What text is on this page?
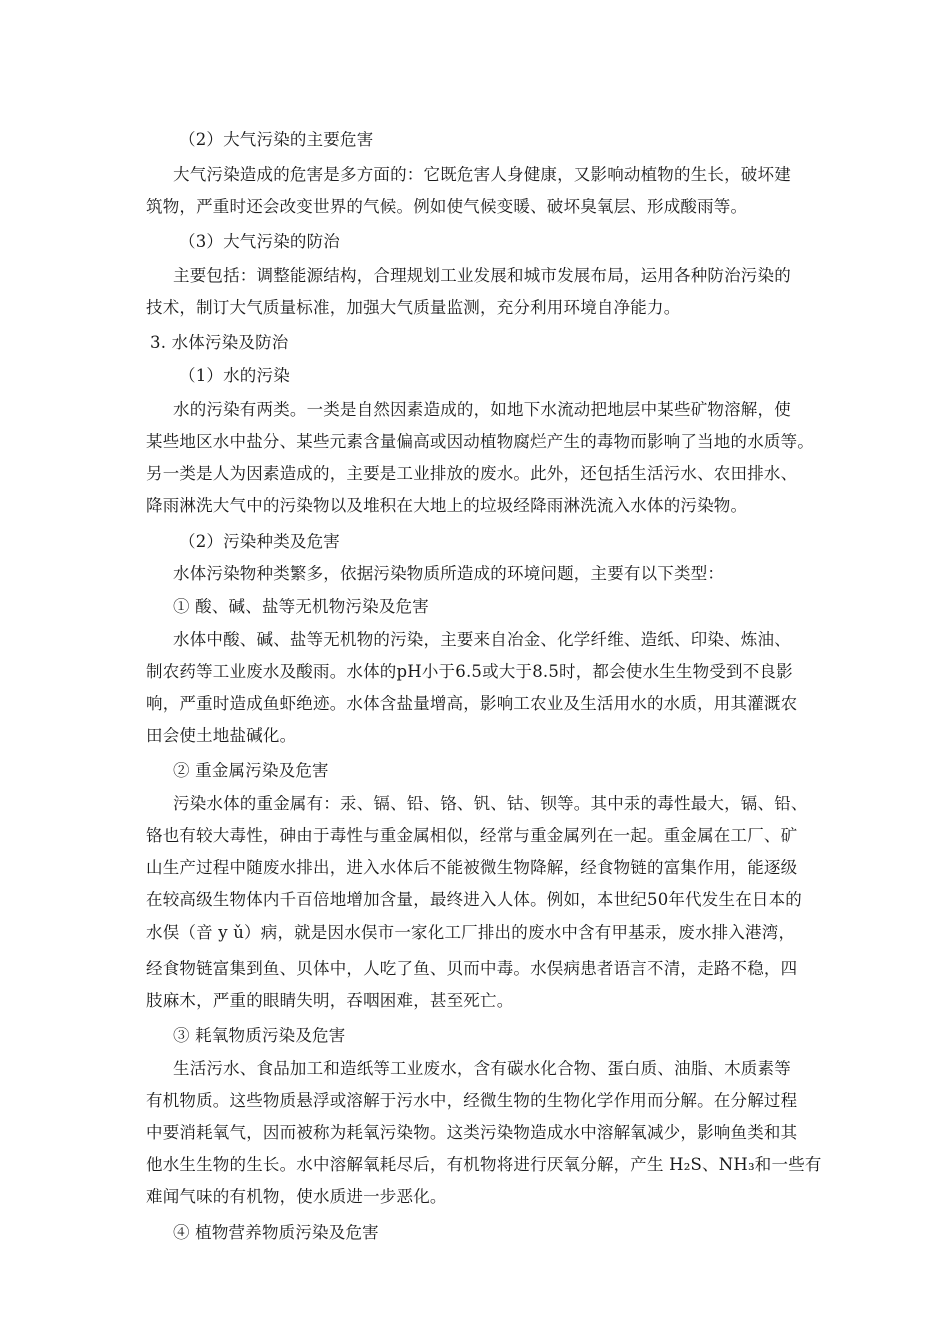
（2）大气污染的主要危害
大气污染造成的危害是多方面的：它既危害人身健康，又影响动植物的生长，破坏建
筑物，严重时还会改变世界的气候。例如使气候变暖、破坏臭氧层、形成酸雨等。
（3）大气污染的防治
主要包括：调整能源结构，合理规划工业发展和城市发展布局，运用各种防治污染的
技术，制订大气质量标准，加强大气质量监测，充分利用环境自净能力。
3. 水体污染及防治
（1）水的污染
水的污染有两类。一类是自然因素造成的，如地下水流动把地层中某些矿物溶解，使
某些地区水中盐分、某些元素含量偏高或因动植物腐烂产生的毒物而影响了当地的水质等。
另一类是人为因素造成的，主要是工业排放的废水。此外，还包括生活污水、农田排水、
降雨淋洗大气中的污染物以及堆积在大地上的垃圾经降雨淋洗流入水体的污染物。
（2）污染种类及危害
水体污染物种类繁多，依据污染物质所造成的环境问题，主要有以下类型：
① 酸、碱、盐等无机物污染及危害
水体中酸、碱、盐等无机物的污染，主要来自冶金、化学纤维、造纸、印染、炼油、
制农药等工业废水及酸雨。水体的pH小于6.5或大于8.5时，都会使水生生物受到不良影
响，严重时造成鱼虾绝迹。水体含盐量增高，影响工农业及生活用水的水质，用其灌溉农
田会使土地盐碱化。
② 重金属污染及危害
污染水体的重金属有：汞、镉、铅、铬、钒、钴、钡等。其中汞的毒性最大，镉、铅、
铬也有较大毒性，砷由于毒性与重金属相似，经常与重金属列在一起。重金属在工厂、矿
山生产过程中随废水排出，进入水体后不能被微生物降解，经食物链的富集作用，能逐级
在较高级生物体内千百倍地增加含量，最终进入人体。例如，本世纪50年代发生在日本的
水俣（音 y ǔ）病，就是因水俣市一家化工厂排出的废水中含有甲基汞，废水排入港湾，
经食物链富集到鱼、贝体中，人吃了鱼、贝而中毒。水俣病患者语言不清，走路不稳，四
肢麻木，严重的眼睛失明，吞咽困难，甚至死亡。
③ 耗氧物质污染及危害
生活污水、食品加工和造纸等工业废水，含有碳水化合物、蛋白质、油脂、木质素等
有机物质。这些物质悬浮或溶解于污水中，经微生物的生物化学作用而分解。在分解过程
中要消耗氧气，因而被称为耗氧污染物。这类污染物造成水中溶解氧减少，影响鱼类和其
他水生生物的生长。水中溶解氧耗尽后，有机物将进行厌氧分解，产生 H₂S、NH₃和一些有
难闻气味的有机物，使水质进一步恶化。
④ 植物营养物质污染及危害
